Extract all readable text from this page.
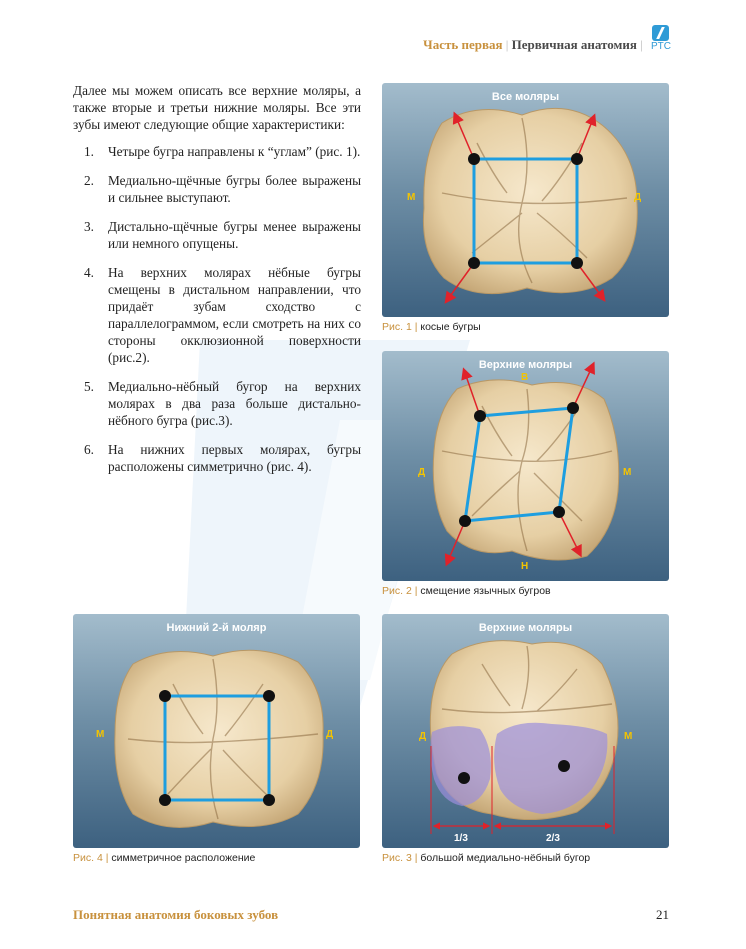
Часть первая | Первичная анатомия | PTC

Далее мы можем описать все верхние моляры, а также вторые и третьи нижние моляры. Все эти зубы имеют следующие общие характеристики:

1. Четыре бугра направлены к “углам” (рис. 1).
2. Медиально-щёчные бугры более выражены и сильнее выступают.
3. Дистально-щёчные бугры менее выражены или немного опущены.
4. На верхних молярах нёбные бугры смещены в дистальном направлении, что придаёт зубам сходство с параллелограммом, если смотреть на них со стороны окклюзионной поверхности (рис.2).
5. Медиально-нёбный бугор на верхних молярах в два раза больше дистально-нёбного бугра (рис.3).
6. На нижних первых молярах, бугры расположены симметрично (рис. 4).
Все моляры
М	Д
Рис. 1 | косые бугры
Верхние моляры
В
Н
Д	М
Рис. 2 | смещение язычных бугров
Нижний 2-й моляр
М	Д
Рис. 4 | симметричное расположение
Верхние моляры
Д	М
1/3	2/3
Рис. 3 | большой медиально-нёбный бугор
Понятная анатомия боковых зубов	21
